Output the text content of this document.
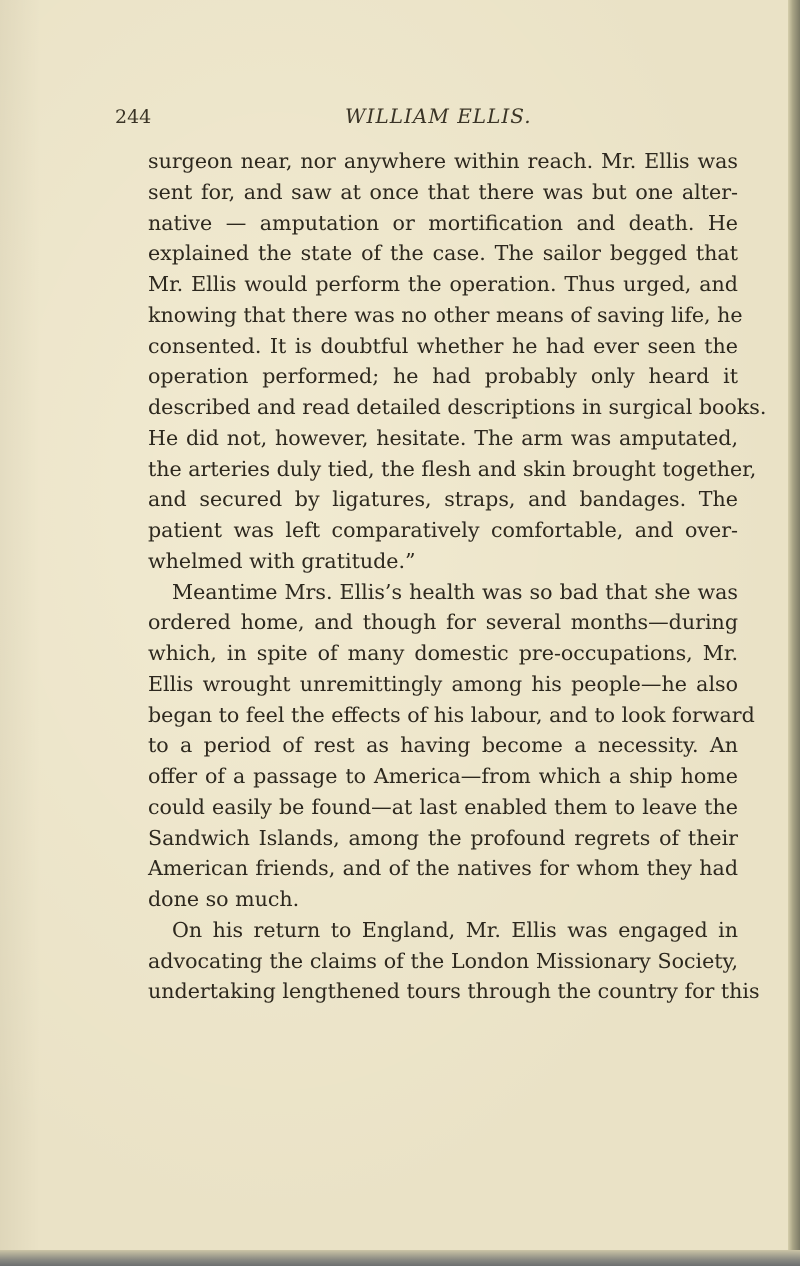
244	WILLIAM ELLIS.
surgeon near, nor anywhere within reach. Mr. Ellis was
sent for, and saw at once that there was but one alter-
native — amputation or mortification and death. He
explained the state of the case. The sailor begged that
Mr. Ellis would perform the operation. Thus urged, and
knowing that there was no other means of saving life, he
consented. It is doubtful whether he had ever seen the
operation performed; he had probably only heard it
described and read detailed descriptions in surgical books.
He did not, however, hesitate. The arm was amputated,
the arteries duly tied, the flesh and skin brought together,
and secured by ligatures, straps, and bandages. The
patient was left comparatively comfortable, and over-
whelmed with gratitude.”
Meantime Mrs. Ellis’s health was so bad that she was
ordered home, and though for several months—during
which, in spite of many domestic pre-occupations, Mr.
Ellis wrought unremittingly among his people—he also
began to feel the effects of his labour, and to look forward
to a period of rest as having become a necessity. An
offer of a passage to America—from which a ship home
could easily be found—at last enabled them to leave the
Sandwich Islands, among the profound regrets of their
American friends, and of the natives for whom they had
done so much.
On his return to England, Mr. Ellis was engaged in
advocating the claims of the London Missionary Society,
undertaking lengthened tours through the country for this
